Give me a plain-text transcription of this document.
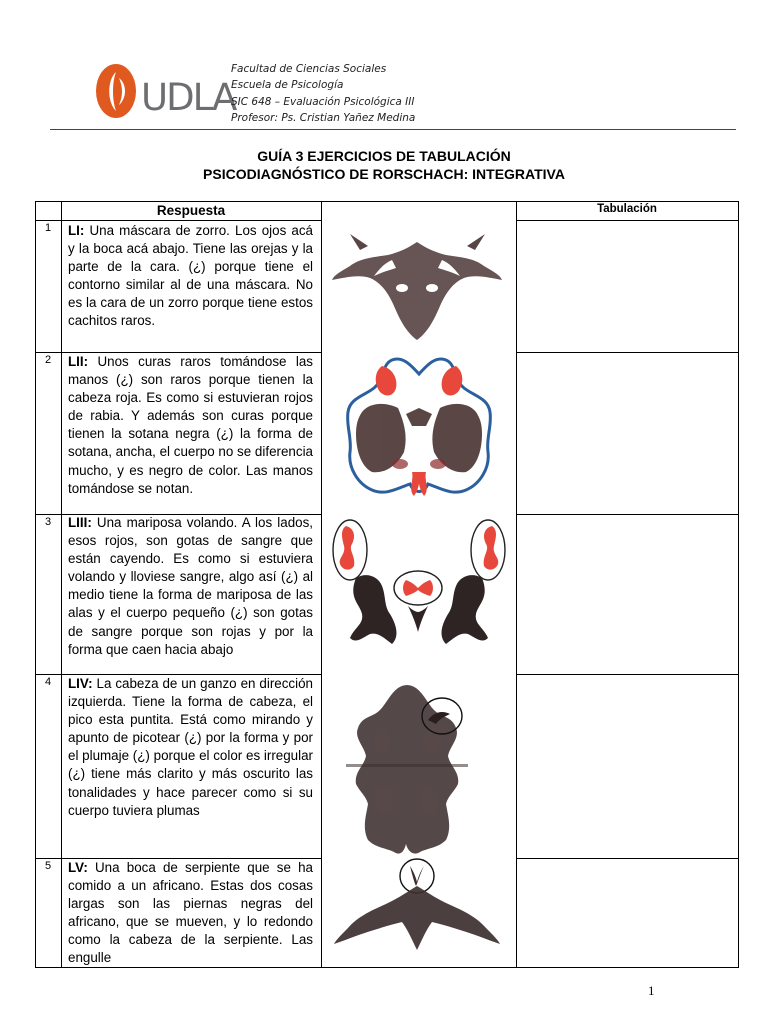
UDLA
Facultad de Ciencias Sociales
Escuela de Psicología
SIC 648 – Evaluación Psicológica III
Profesor: Ps. Cristian Yañez Medina
GUÍA 3 EJERCICIOS DE TABULACIÓN
PSICODIAGNÓSTICO DE RORSCHACH: INTEGRATIVA
Respuesta	Tabulación
1	LI: Una máscara de zorro. Los ojos acá y la boca acá abajo. Tiene las orejas y la parte de la cara. (¿) porque tiene el contorno similar al de una máscara. No es la cara de un zorro porque tiene estos cachitos raros.
2	LII: Unos curas raros tomándose las manos (¿) son raros porque tienen la cabeza roja. Es como si estuvieran rojos de rabia. Y además son curas porque tienen la sotana negra (¿) la forma de sotana, ancha, el cuerpo no se diferencia mucho, y es negro de color. Las manos tomándose se notan.
3	LIII: Una mariposa volando. A los lados, esos rojos, son gotas de sangre que están cayendo. Es como si estuviera volando y lloviese sangre, algo así (¿) al medio tiene la forma de mariposa de las alas y el cuerpo pequeño (¿) son gotas de sangre porque son rojas y por la forma que caen hacia abajo
4	LIV: La cabeza de un ganzo en dirección izquierda. Tiene la forma de cabeza, el pico esta puntita. Está como mirando y apunto de picotear (¿) por la forma y por el plumaje (¿) porque el color es irregular (¿) tiene más clarito y más oscurito las tonalidades y hace parecer como si su cuerpo tuviera plumas
5	LV: Una boca de serpiente que se ha comido a un africano. Estas dos cosas largas son las piernas negras del africano, que se mueven, y lo redondo como la cabeza de la serpiente. Las engulle
1
